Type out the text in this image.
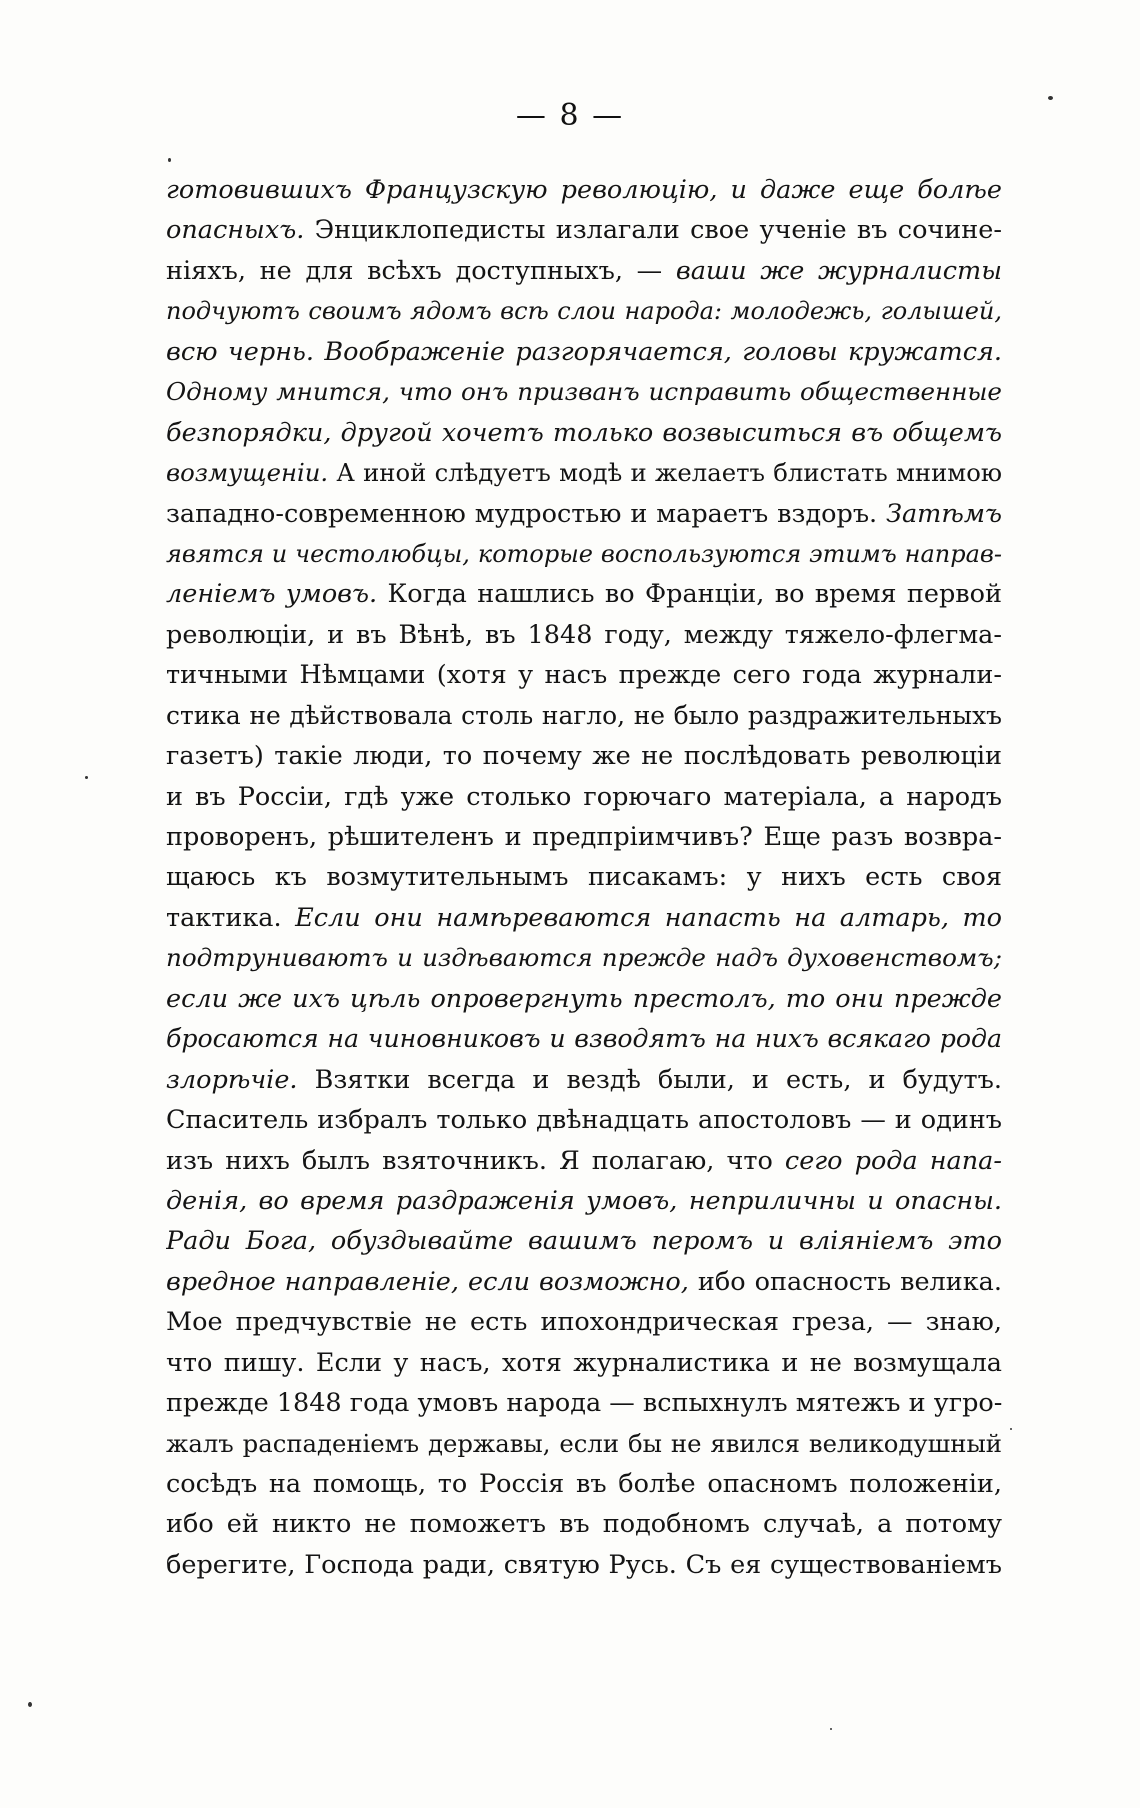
— 8 —
готовившихъ Французскую революцію, и даже еще болѣе
опасныхъ. Энциклопедисты излагали свое ученіе въ сочине-
ніяхъ, не для всѣхъ доступныхъ, — ваши же журналисты
подчуютъ своимъ ядомъ всѣ слои народа: молодежь, голышей,
всю чернь. Воображеніе разгорячается, головы кружатся.
Одному мнится, что онъ призванъ исправить общественные
безпорядки, другой хочетъ только возвыситься въ общемъ
возмущеніи. А иной слѣдуетъ модѣ и желаетъ блистать мнимою
западно-современною мудростью и мараетъ вздоръ. Затѣмъ
явятся и честолюбцы, которые воспользуются этимъ направ-
леніемъ умовъ. Когда нашлись во Франціи, во время первой
революціи, и въ Вѣнѣ, въ 1848 году, между тяжело-флегма-
тичными Нѣмцами (хотя у насъ прежде сего года журнали-
стика не дѣйствовала столь нагло, не было раздражительныхъ
газетъ) такіе люди, то почему же не послѣдовать революціи
и въ Россіи, гдѣ уже столько горючаго матеріала, а народъ
проворенъ, рѣшителенъ и предпріимчивъ? Еще разъ возвра-
щаюсь къ возмутительнымъ писакамъ: у нихъ есть своя
тактика. Если они намѣреваются напасть на алтарь, то
подтруниваютъ и издѣваются прежде надъ духовенствомъ;
если же ихъ цѣль опровергнуть престолъ, то они прежде
бросаются на чиновниковъ и взводятъ на нихъ всякаго рода
злорѣчіе. Взятки всегда и вездѣ были, и есть, и будутъ.
Спаситель избралъ только двѣнадцать апостоловъ — и одинъ
изъ нихъ былъ взяточникъ. Я полагаю, что сего рода напа-
денія, во время раздраженія умовъ, неприличны и опасны.
Ради Бога, обуздывайте вашимъ перомъ и вліяніемъ это
вредное направленіе, если возможно, ибо опасность велика.
Мое предчувствіе не есть ипохондрическая греза, — знаю,
что пишу. Если у насъ, хотя журналистика и не возмущала
прежде 1848 года умовъ народа — вспыхнулъ мятежъ и угро-
жалъ распаденіемъ державы, если бы не явился великодушный
сосѣдъ на помощь, то Россія въ болѣе опасномъ положеніи,
ибо ей никто не поможетъ въ подобномъ случаѣ, а потому
берегите, Господа ради, святую Русь. Съ ея существованіемъ
